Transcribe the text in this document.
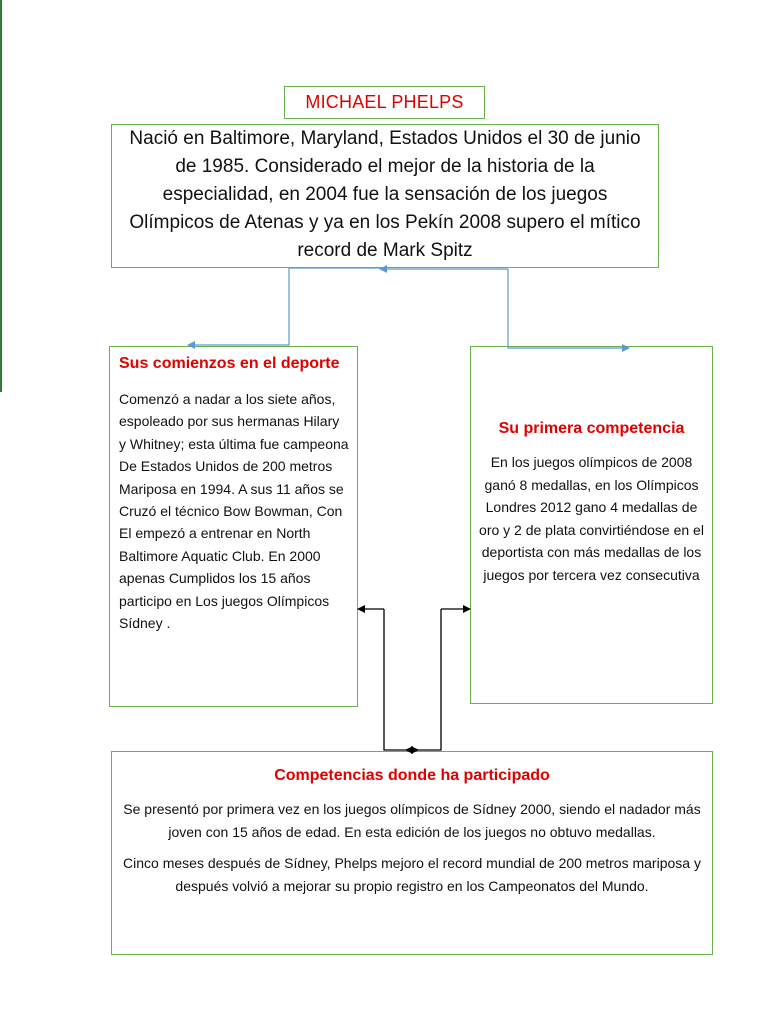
MICHAEL PHELPS
Nació en Baltimore, Maryland, Estados Unidos el 30 de junio de 1985. Considerado el mejor de la historia de la especialidad, en 2004 fue la sensación de los juegos Olímpicos de Atenas y ya en los Pekín 2008 supero el mítico record de Mark Spitz
Sus comienzos en el deporte

Comenzó a nadar a los siete años, espoleado por sus hermanas Hilary y Whitney; esta última fue campeona De Estados Unidos de 200 metros Mariposa en 1994. A sus 11 años se Cruzó el técnico Bow Bowman, Con El empezó a entrenar en North Baltimore Aquatic Club. En 2000 apenas Cumplidos los 15 años participo en Los juegos Olímpicos Sídney .

Su primera competencia

En los juegos olímpicos de 2008 ganó 8 medallas, en los Olímpicos Londres 2012 gano 4 medallas de oro y 2 de plata convirtiéndose en el deportista con más medallas de los juegos por tercera vez consecutiva

Competencias donde ha participado

Se presentó por primera vez en los juegos olímpicos de Sídney 2000, siendo el nadador más joven con 15 años de edad. En esta edición de los juegos no obtuvo medallas.

Cinco meses después de Sídney, Phelps mejoro el record mundial de 200 metros mariposa y después volvió a mejorar su propio registro en los Campeonatos del Mundo.
